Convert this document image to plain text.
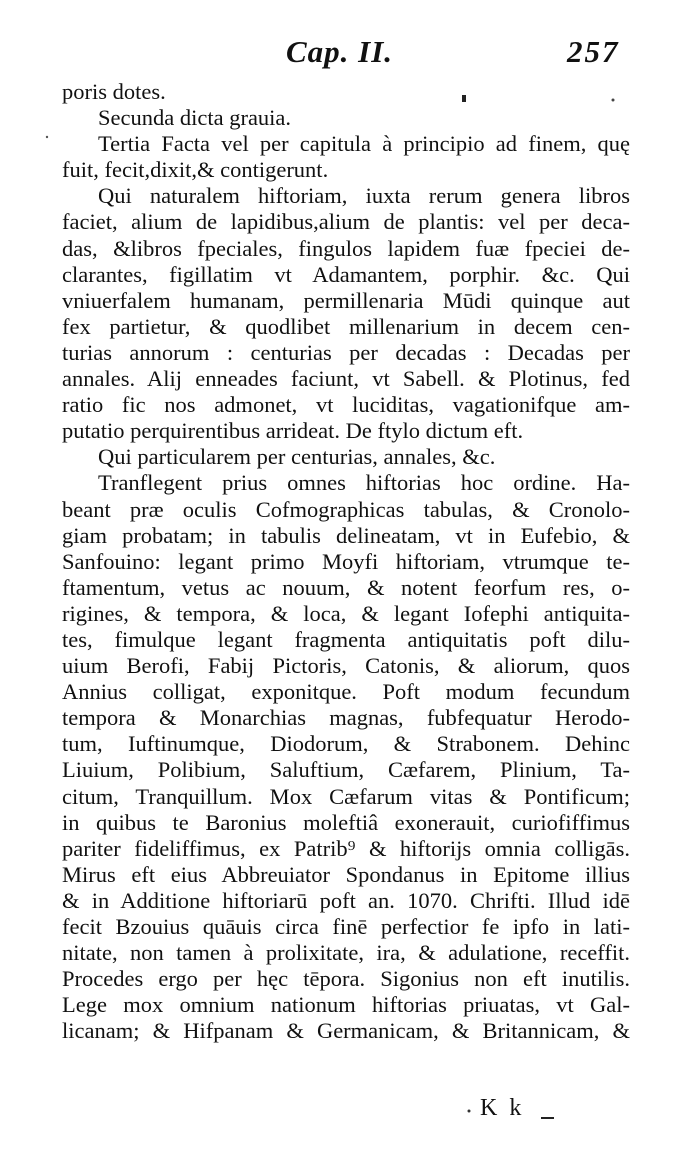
Cap. II.	257
poris dotes.
Secunda dicta grauia.
Tertia Facta vel per capitula à principio ad finem, quę
fuit, fecit,dixit,& contigerunt.
Qui naturalem hiftoriam, iuxta rerum genera libros
faciet, alium de lapidibus,alium de plantis: vel per deca-
das, &libros fpeciales, fingulos lapidem fuæ fpeciei de-
clarantes, figillatim vt Adamantem, porphir. &c. Qui
vniuerfalem humanam, permillenaria Mūdi quinque aut
fex partietur, & quodlibet millenarium in decem cen-
turias annorum : centurias per decadas : Decadas per
annales. Alij enneades faciunt, vt Sabell. & Plotinus, fed
ratio fic nos admonet, vt luciditas, vagationifque am-
putatio perquirentibus arrideat. De ftylo dictum eft.
Qui particularem per centurias, annales, &c.
Tranflegent prius omnes hiftorias hoc ordine. Ha-
beant præ oculis Cofmographicas tabulas, & Cronolo-
giam probatam; in tabulis delineatam, vt in Eufebio, &
Sanfouino: legant primo Moyfi hiftoriam, vtrumque te-
ftamentum, vetus ac nouum, & notent feorfum res, o-
rigines, & tempora, & loca, & legant Iofephi antiquita-
tes, fimulque legant fragmenta antiquitatis poft dilu-
uium Berofi, Fabij Pictoris, Catonis, & aliorum, quos
Annius colligat, exponitque. Poft modum fecundum
tempora & Monarchias magnas, fubfequatur Herodo-
tum, Iuftinumque, Diodorum, & Strabonem. Dehinc
Liuium, Polibium, Saluftium, Cæfarem, Plinium, Ta-
citum, Tranquillum. Mox Cæfarum vitas & Pontificum;
in quibus te Baronius moleftiâ exonerauit, curiofiffimus
pariter fideliffimus, ex Patrib⁹ & hiftorijs omnia colligās.
Mirus eft eius Abbreuiator Spondanus in Epitome illius
& in Additione hiftoriarū poft an. 1070. Chrifti. Illud idē
fecit Bzouius quāuis circa finē perfectior fe ipfo in lati-
nitate, non tamen à prolixitate, ira, & adulatione, receffit.
Procedes ergo per hęc tēpora. Sigonius non eft inutilis.
Lege mox omnium nationum hiftorias priuatas, vt Gal-
licanam; & Hifpanam & Germanicam, & Britannicam, &
K k
